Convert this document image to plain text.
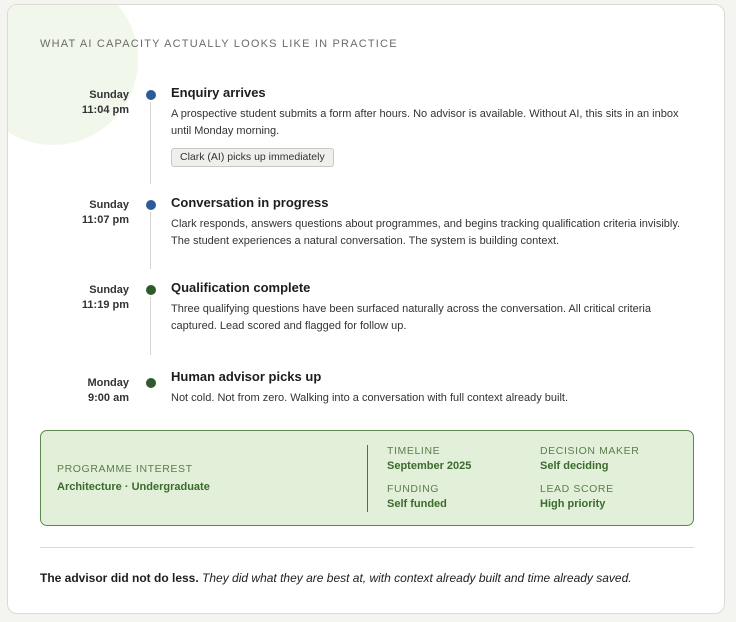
WHAT AI CAPACITY ACTUALLY LOOKS LIKE IN PRACTICE
Sunday
11:04 pm
Enquiry arrives
A prospective student submits a form after hours. No advisor is available. Without AI, this sits in an inbox until Monday morning.
Clark (AI) picks up immediately
Sunday
11:07 pm
Conversation in progress
Clark responds, answers questions about programmes, and begins tracking qualification criteria invisibly. The student experiences a natural conversation. The system is building context.
Sunday
11:19 pm
Qualification complete
Three qualifying questions have been surfaced naturally across the conversation. All critical criteria captured. Lead scored and flagged for follow up.
Monday
9:00 am
Human advisor picks up
Not cold. Not from zero. Walking into a conversation with full context already built.
PROGRAMME INTEREST
Architecture · Undergraduate
TIMELINE
September 2025
DECISION MAKER
Self deciding
FUNDING
Self funded
LEAD SCORE
High priority
The advisor did not do less. They did what they are best at, with context already built and time already saved.
